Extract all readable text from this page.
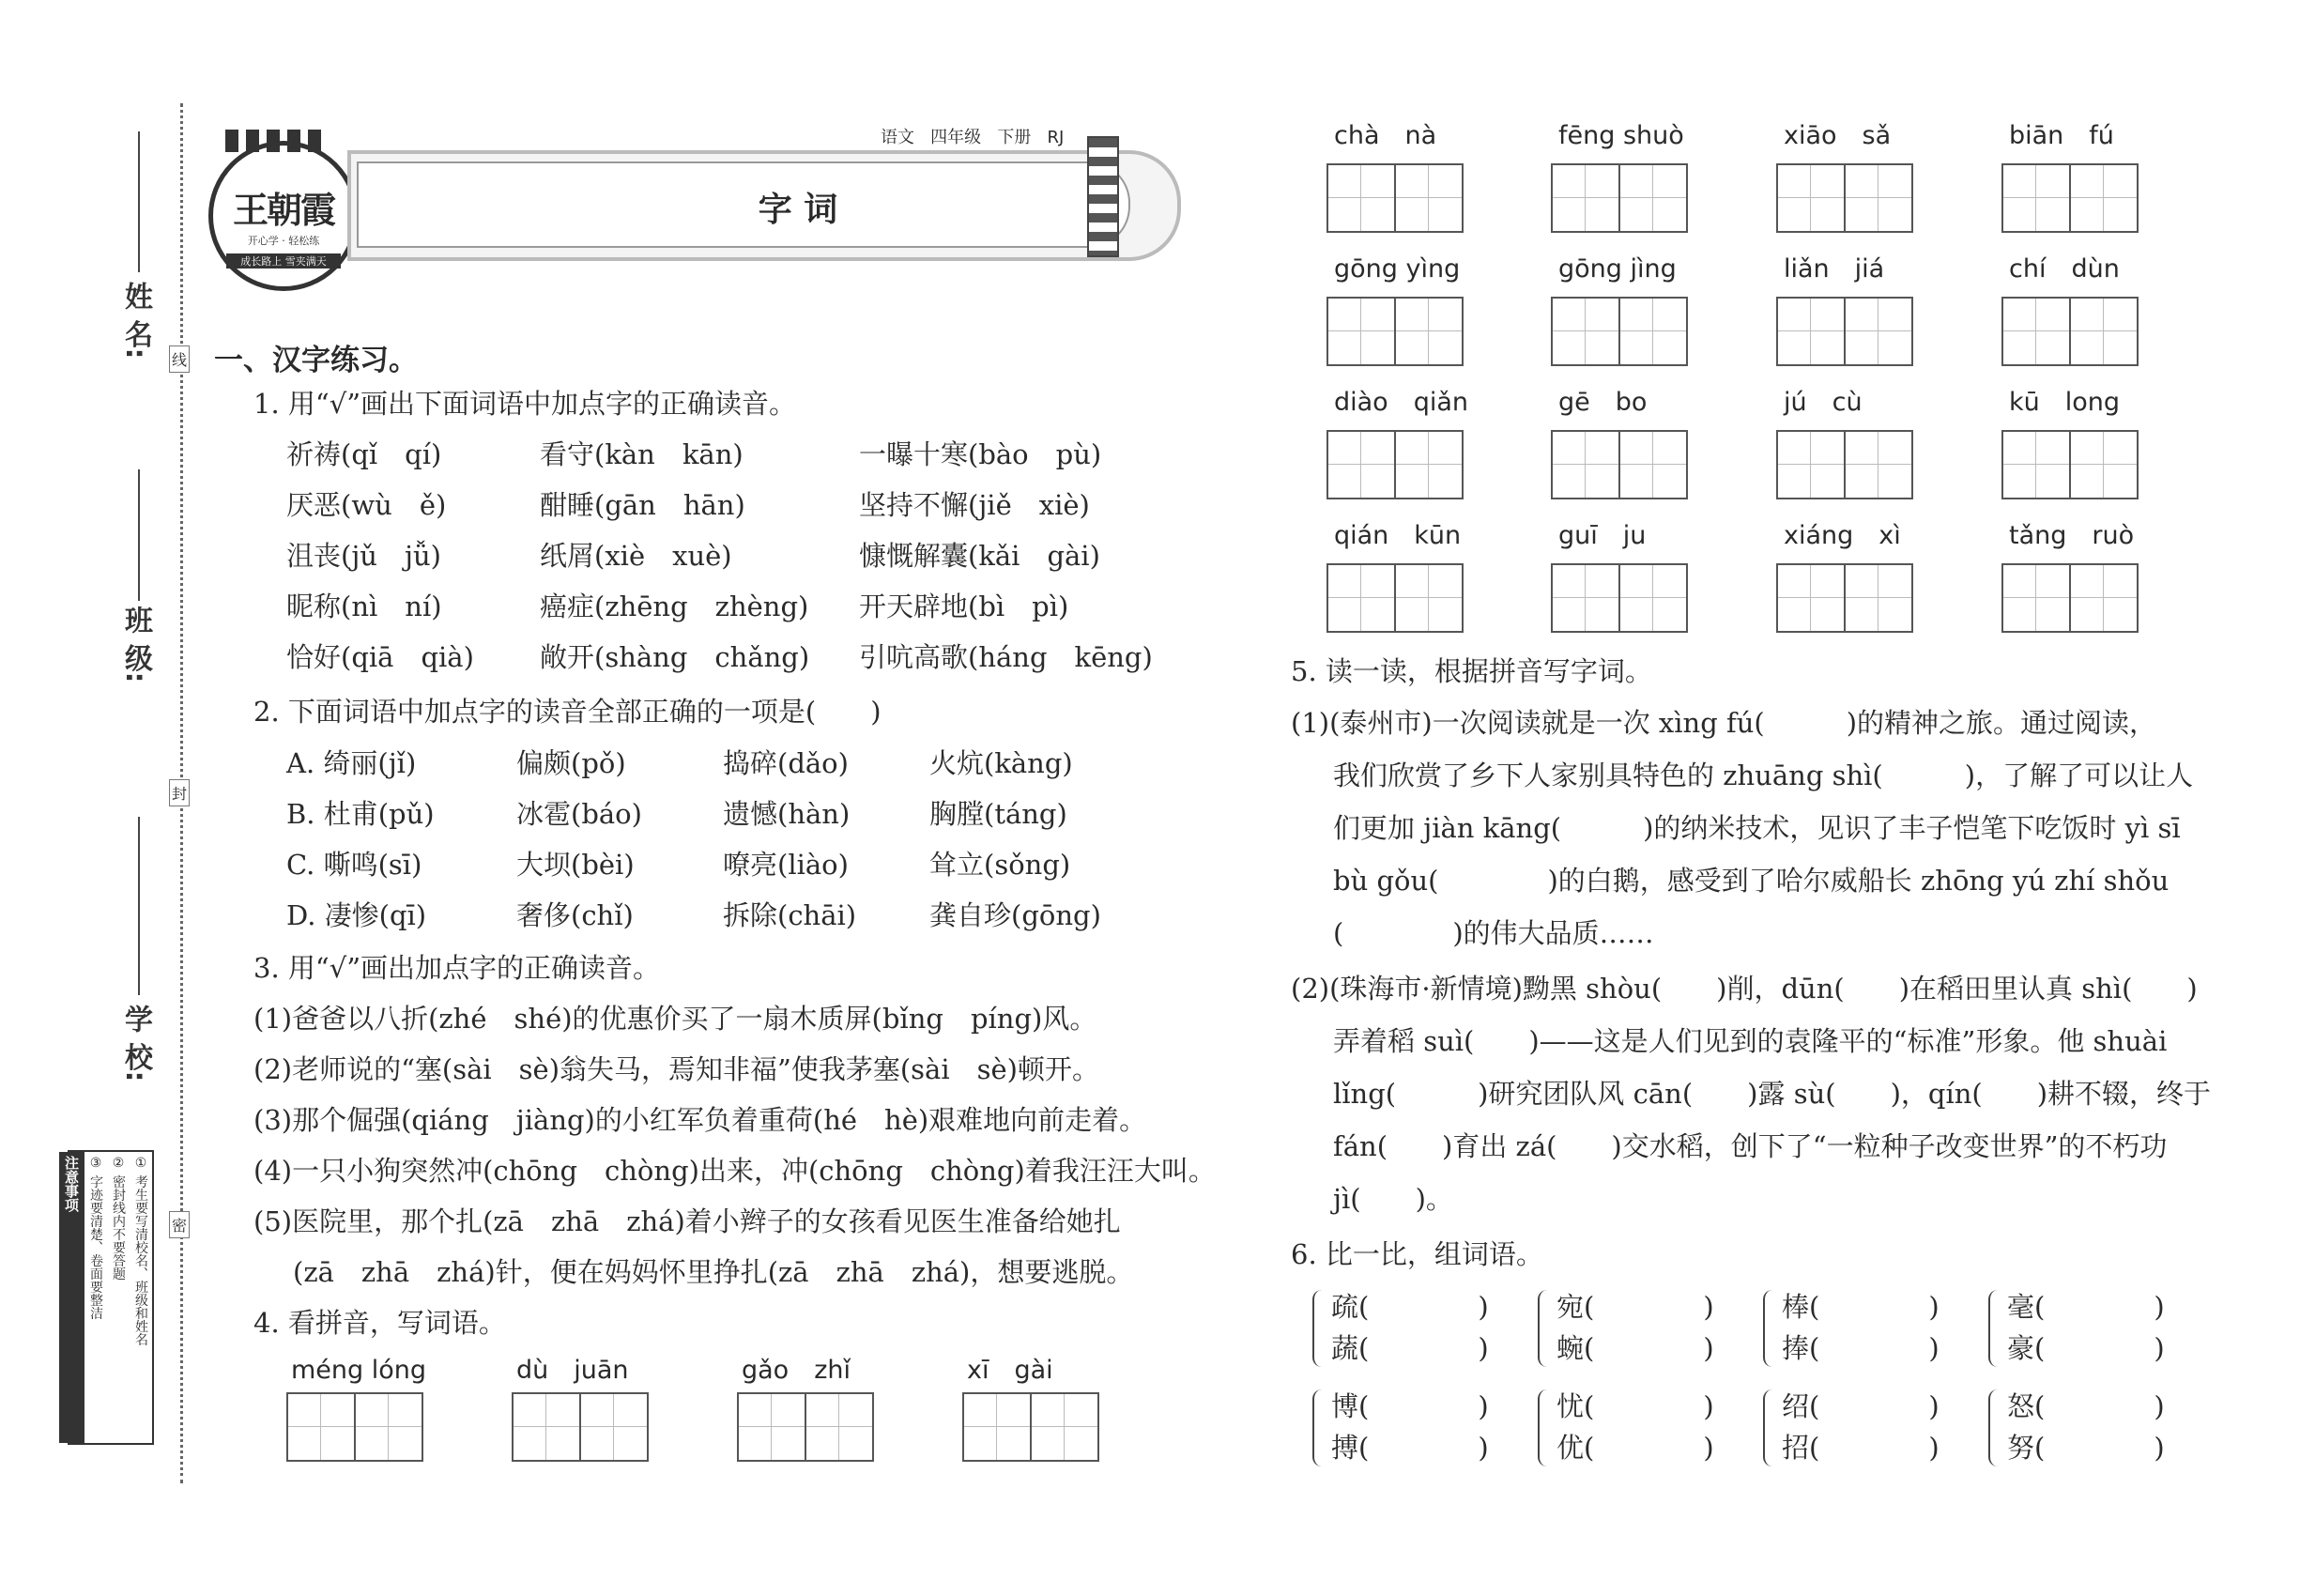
姓 名:
班 级:
学 校:
线
封
密
① 考生要写清校名、班级和姓名
② 密封线内不要答题
③ 字迹要清楚、卷面要整洁
注意事项
王朝霞
开心学 · 轻松练
成长路上 雪夹满天
字 词
语文 四年级 下册 RJ
一、汉字练习。
1. 用“√”画出下面词语中加点字的正确读音。
祈祷(qǐ　qí)	看守(kàn　kān)	一曝十寒(bào　pù)
厌恶(wù　ě)	酣睡(gān　hān)	坚持不懈(jiě　xiè)
沮丧(jǔ　jǚ)	纸屑(xiè　xuè)	慷慨解囊(kǎi　gài)
昵称(nì　ní)	癌症(zhēng　zhèng) 开天辟地(bì　pì)
恰好(qiā　qià) 敞开(shàng　chǎng) 引吭高歌(háng　kēng)
2. 下面词语中加点字的读音全部正确的一项是(　　)
A. 绮丽(jǐ)	偏颇(pǒ)	捣碎(dǎo)	火炕(kàng)
B. 杜甫(pǔ)	冰雹(báo)	遗憾(hàn)	胸膛(táng)
C. 嘶鸣(sī)	大坝(bèi)	嘹亮(liào)	耸立(sǒng)
D. 凄惨(qī)	奢侈(chǐ)	拆除(chāi)	龚自珍(gōng)
3. 用“√”画出加点字的正确读音。
(1)爸爸以八折(zhé　shé)的优惠价买了一扇木质屏(bǐng　píng)风。
(2)老师说的“塞(sài　sè)翁失马，焉知非福”使我茅塞(sài　sè)顿开。
(3)那个倔强(qiáng　jiàng)的小红军负着重荷(hé　hè)艰难地向前走着。
(4)一只小狗突然冲(chōng　chòng)出来，冲(chōng　chòng)着我汪汪大叫。
(5)医院里，那个扎(zā　zhā　zhá)着小辫子的女孩看见医生准备给她扎
(zā　zhā　zhá)针，便在妈妈怀里挣扎(zā　zhā　zhá)，想要逃脱。
4. 看拼音，写词语。
méng lóng	dù　juān	gǎo　zhǐ	xī　gài
chà　nà	fēng shuò	xiāo　sǎ	biān　fú
gōng yìng	gōng jìng	liǎn　jiá	chí　dùn
diào　qiǎn	gē　bo	jú　cù	kū　long
qián　kūn	guī　ju	xiáng　xì	tǎng　ruò
5. 读一读，根据拼音写字词。
(1)(泰州市)一次阅读就是一次 xìng fú(　　　)的精神之旅。通过阅读，
我们欣赏了乡下人家别具特色的 zhuāng shì(　　　)，了解了可以让人
们更加 jiàn kāng(　　　)的纳米技术，见识了丰子恺笔下吃饭时 yì sī
bù gǒu(　　　　)的白鹅，感受到了哈尔威船长 zhōng yú zhí shǒu
(　　　　)的伟大品质……
(2)(珠海市·新情境)黝黑 shòu(　　)削，dūn(　　)在稻田里认真 shì(　　)
弄着稻 suì(　　)——这是人们见到的袁隆平的“标准”形象。他 shuài
lǐng(　　　)研究团队风 cān(　　)露 sù(　　)，qín(　　)耕不辍，终于
fán(　　)育出 zá(　　)交水稻，创下了“一粒种子改变世界”的不朽功
jì(　　)。
6. 比一比，组词语。
疏(　　　　)
蔬(　　　　)
宛(　　　　)
蜿(　　　　)
棒(　　　　)
捧(　　　　)
毫(　　　　)
豪(　　　　)
博(　　　　)
搏(　　　　)
忧(　　　　)
优(　　　　)
绍(　　　　)
招(　　　　)
怒(　　　　)
努(　　　　)
